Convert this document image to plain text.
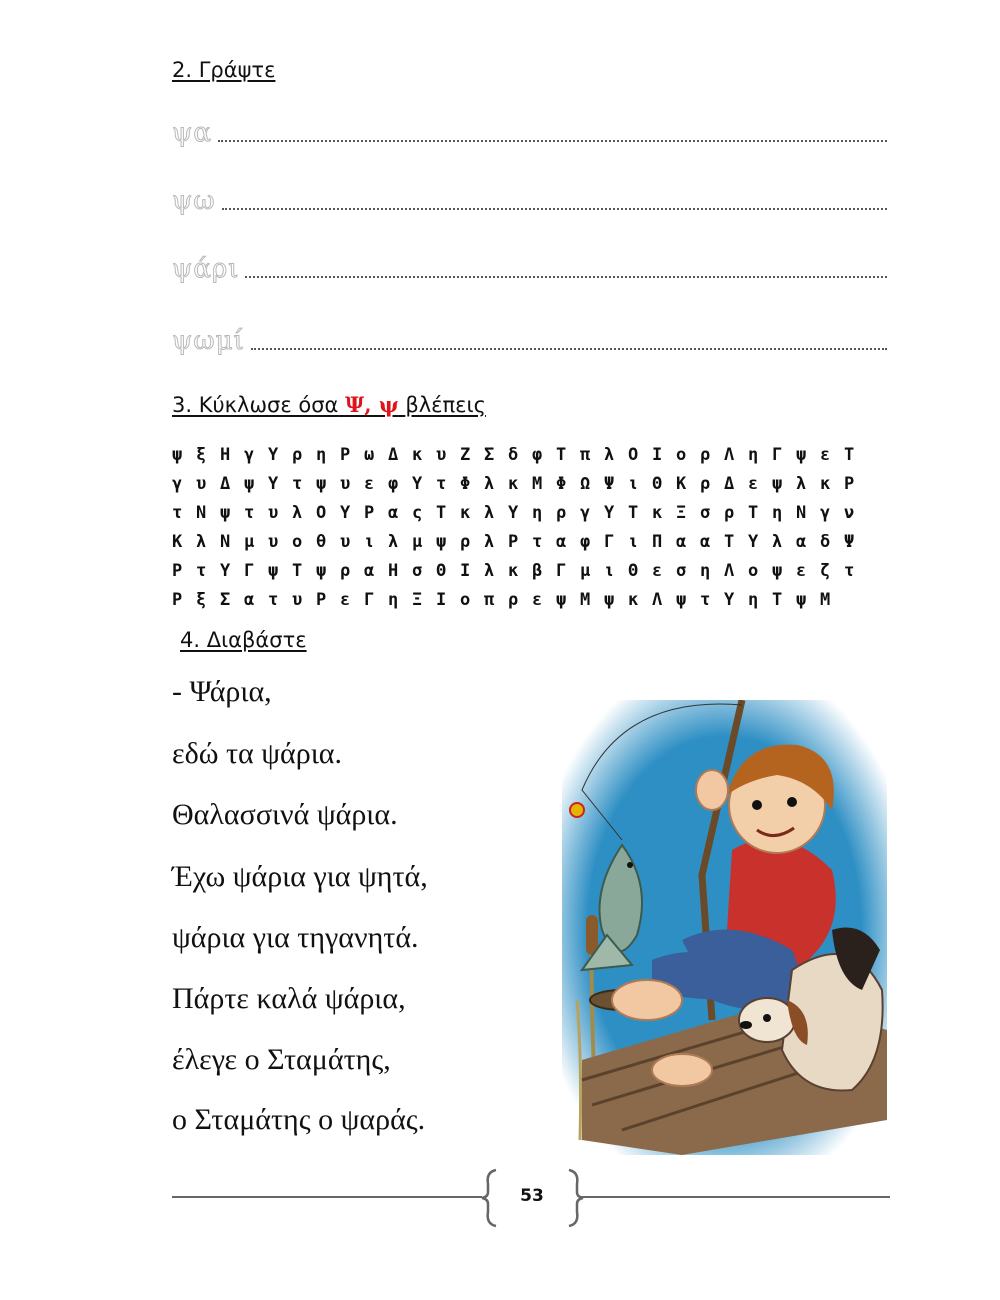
2. Γράψτε
ψα
ψω
ψάρι
ψωμί
3. Κύκλωσε όσα Ψ, ψ βλέπεις
ψ ξ Η γ Υ ρ η Ρ ω Δ κ υ Ζ Σ δ φ Τ π λ Ο Ι ο ρ Λ η Γ ψ ε Τ
γ υ Δ ψ Υ τ ψ υ ε φ Υ τ Φ λ κ Μ Φ Ω Ψ ι Θ Κ ρ Δ ε ψ λ κ Ρ
τ Ν ψ τ υ λ Ο Υ Ρ α ς Τ κ λ Υ η ρ γ Υ Τ κ Ξ σ ρ Τ η Ν γ ν
Κ λ Ν μ υ ο θ υ ι λ μ ψ ρ λ Ρ τ α φ Γ ι Π α α Τ Υ λ α δ Ψ
Ρ τ Υ Γ ψ Τ ψ ρ α Η σ Θ Ι λ κ β Γ μ ι Θ ε σ η Λ ο ψ ε ζ τ
Ρ ξ Σ α τ υ Ρ ε Γ η Ξ Ι ο π ρ ε ψ Μ ψ κ Λ ψ τ Υ η Τ ψ Μ
4. Διαβάστε
- Ψάρια,
εδώ τα ψάρια.
Θαλασσινά ψάρια.
Έχω ψάρια για ψητά,
ψάρια για τηγανητά.
Πάρτε καλά ψάρια,
έλεγε ο Σταμάτης,
ο Σταμάτης ο ψαράς.
53
